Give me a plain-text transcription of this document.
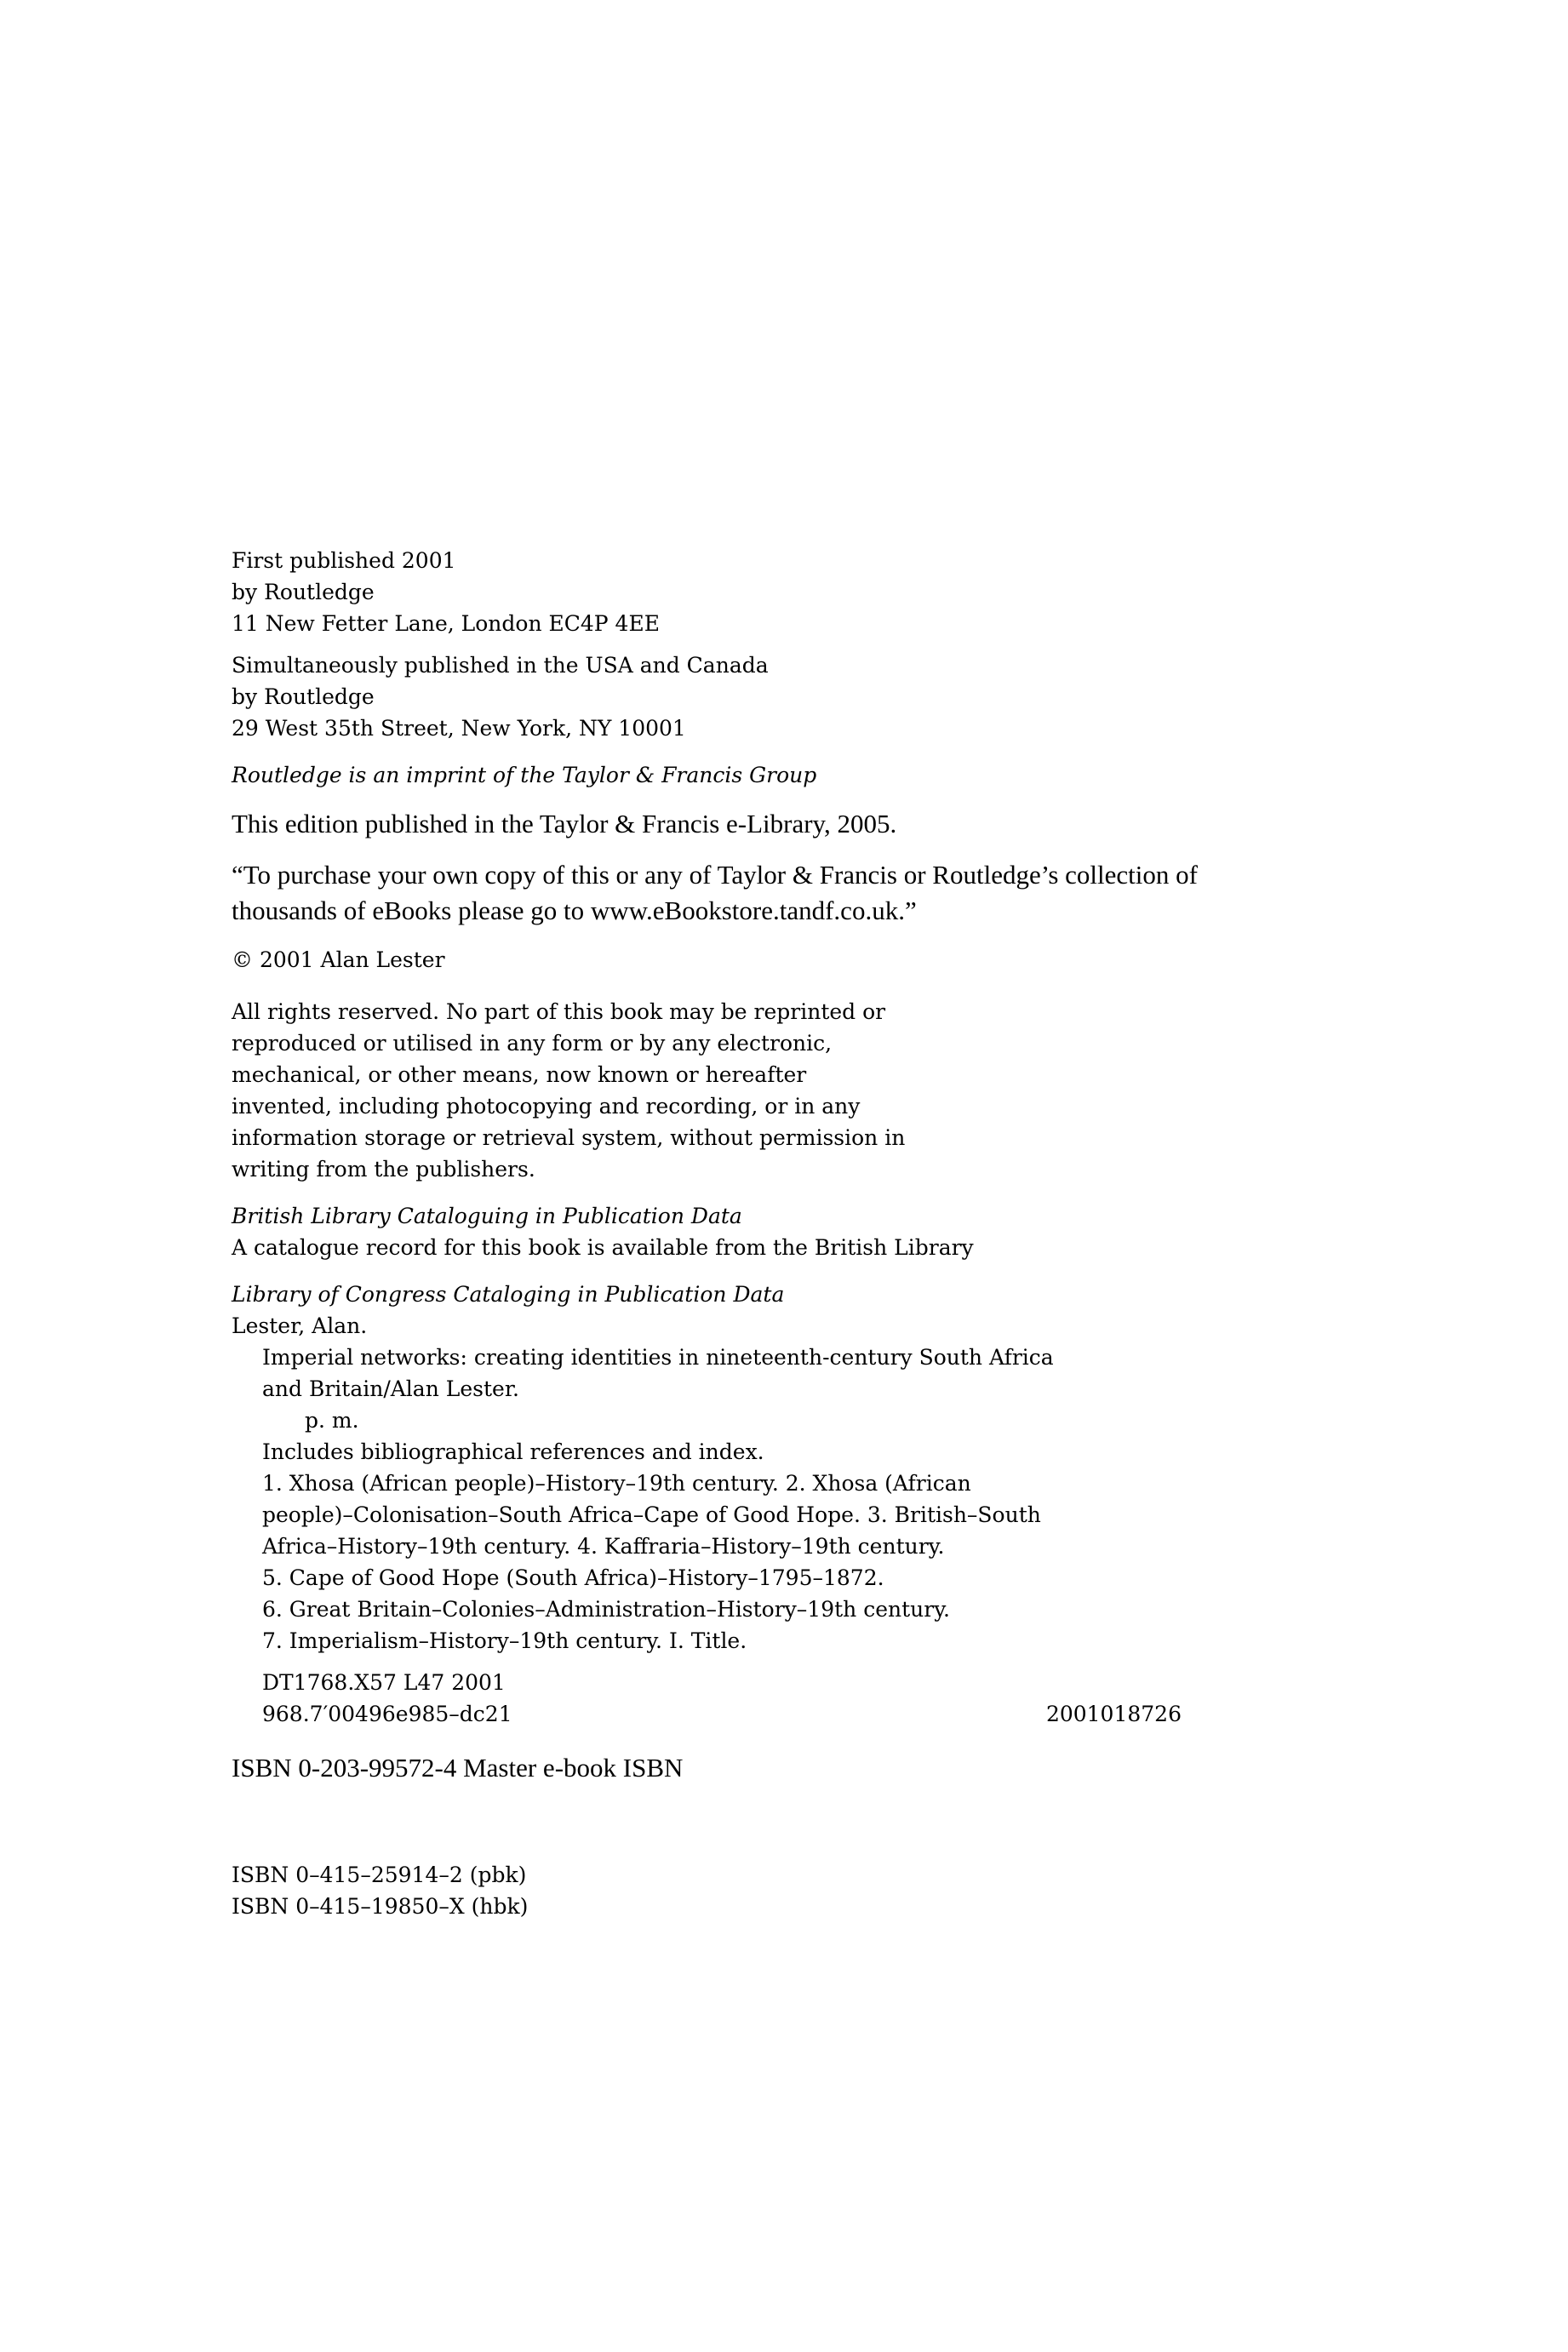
First published 2001
by Routledge
11 New Fetter Lane, London EC4P 4EE
Simultaneously published in the USA and Canada
by Routledge
29 West 35th Street, New York, NY 10001
Routledge is an imprint of the Taylor & Francis Group
This edition published in the Taylor & Francis e-Library, 2005.
“To purchase your own copy of this or any of Taylor & Francis or Routledge’s collection of
thousands of eBooks please go to www.eBookstore.tandf.co.uk.”
© 2001 Alan Lester
All rights reserved. No part of this book may be reprinted or
reproduced or utilised in any form or by any electronic,
mechanical, or other means, now known or hereafter
invented, including photocopying and recording, or in any
information storage or retrieval system, without permission in
writing from the publishers.
British Library Cataloguing in Publication Data
A catalogue record for this book is available from the British Library
Library of Congress Cataloging in Publication Data
Lester, Alan.
Imperial networks: creating identities in nineteenth-century South Africa
and Britain/Alan Lester.
p. m.
Includes bibliographical references and index.
1. Xhosa (African people)–History–19th century. 2. Xhosa (African
people)–Colonisation–South Africa–Cape of Good Hope. 3. British–South
Africa–History–19th century. 4. Kaffraria–History–19th century.
5. Cape of Good Hope (South Africa)–History–1795–1872.
6. Great Britain–Colonies–Administration–History–19th century.
7. Imperialism–History–19th century. I. Title.
DT1768.X57 L47 2001
968.7′00496e985–dc21	2001018726
ISBN 0-203-99572-4 Master e-book ISBN
ISBN 0–415–25914–2 (pbk)
ISBN 0–415–19850–X (hbk)
